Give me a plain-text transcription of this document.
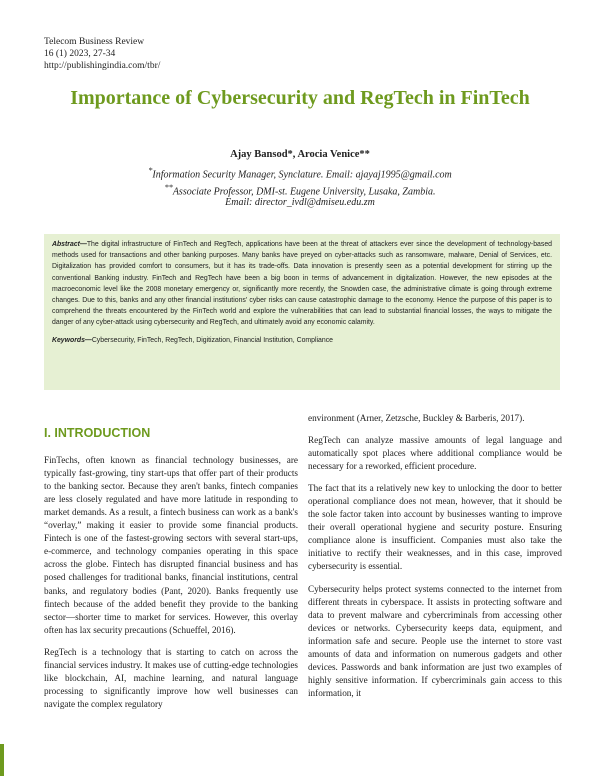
Telecom Business Review
16 (1) 2023, 27-34
http://publishingindia.com/tbr/
Importance of Cybersecurity and RegTech in FinTech
Ajay Bansod*, Arocia Venice**
*Information Security Manager, Synclature. Email: ajayaj1995@gmail.com
**Associate Professor, DMI-st. Eugene University, Lusaka, Zambia.
Email: director_ivdl@dmiseu.edu.zm
Abstract—The digital infrastructure of FinTech and RegTech, applications have been at the threat of attackers ever since the development of technology-based methods used for transactions and other banking purposes. Many banks have preyed on cyber-attacks such as ransomware, malware, Denial of Services, etc. Digitalization has provided comfort to consumers, but it has its trade-offs. Data innovation is presently seen as a potential development for stirring up the conventional Banking industry. FinTech and RegTech have been a big boon in terms of advancement in digitalization. However, the new episodes at the macroeconomic level like the 2008 monetary emergency or, significantly more recently, the Snowden case, the administrative climate is going through extreme changes. Due to this, banks and any other financial institutions' cyber risks can cause catastrophic damage to the economy. Hence the purpose of this paper is to comprehend the threats encountered by the FinTech world and explore the vulnerabilities that can lead to substantial financial losses, the ways to mitigate the danger of any cyber-attack using cybersecurity and RegTech, and ultimately avoid any economic calamity.
Keywords—Cybersecurity, FinTech, RegTech, Digitization, Financial Institution, Compliance
I. INTRODUCTION

FinTechs, often known as financial technology businesses, are typically fast-growing, tiny start-ups that offer part of their products to the banking sector. Because they aren't banks, fintech companies are less closely regulated and have more latitude in responding to market demands. As a result, a fintech business can work as a bank's “overlay,” making it easier to provide some financial products. Fintech is one of the fastest-growing sectors with several start-ups, e-commerce, and technology companies operating in this space across the globe. Fintech has disrupted financial business and has posed challenges for traditional banks, financial institutions, central banks, and regulatory bodies (Pant, 2020). Banks frequently use fintech because of the added benefit they provide to the banking sector—shorter time to market for services. However, this overlay often has lax security precautions (Schueffel, 2016).

RegTech is a technology that is starting to catch on across the financial services industry. It makes use of cutting-edge technologies like blockchain, AI, machine learning, and natural language processing to significantly improve how well businesses can navigate the complex regulatory

environment (Arner, Zetzsche, Buckley & Barberis, 2017).

RegTech can analyze massive amounts of legal language and automatically spot places where additional compliance would be necessary for a reworked, efficient procedure.

The fact that its a relatively new key to unlocking the door to better operational compliance does not mean, however, that it should be the sole factor taken into account by businesses wanting to improve their overall operational hygiene and security posture. Ensuring compliance alone is insufficient. Companies must also take the initiative to rectify their weaknesses, and in this case, improved cybersecurity is essential.

Cybersecurity helps protect systems connected to the internet from different threats in cyberspace. It assists in protecting software and data to prevent malware and cybercriminals from accessing other devices or networks. Cybersecurity keeps data, equipment, and information safe and secure. People use the internet to store vast amounts of data and information on numerous gadgets and other devices. Passwords and bank information are just two examples of highly sensitive information. If cybercriminals gain access to this information, it
